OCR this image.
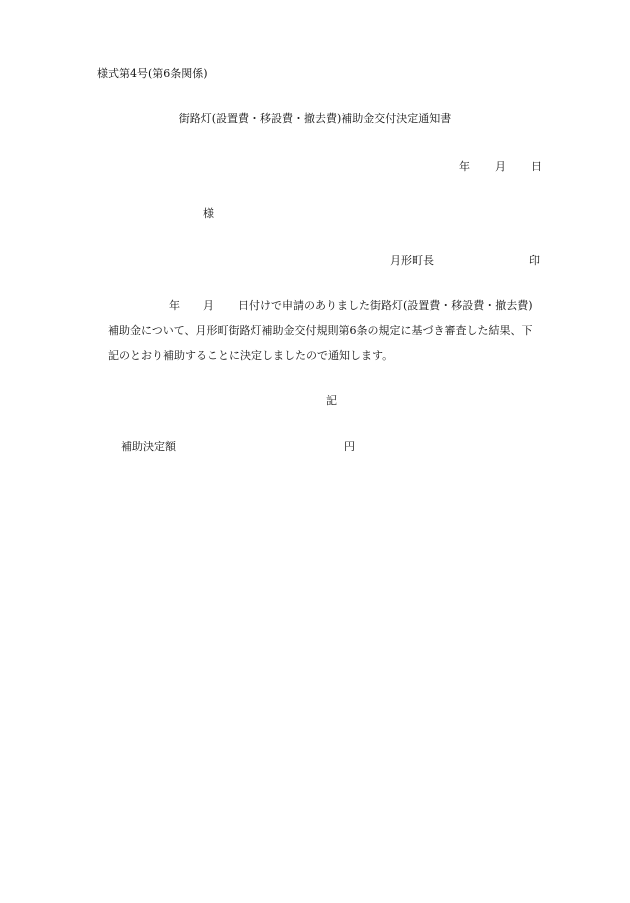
様式第4号(第6条関係)
街路灯(設置費・移設費・撤去費)補助金交付決定通知書
年 月 日
様
月形町長	印
年 月 日付けで申請のありました街路灯(設置費・移設費・撤去費)
補助金について、月形町街路灯補助金交付規則第6条の規定に基づき審査した結果、下
記のとおり補助することに決定しましたので通知します。
記
補助決定額	円
